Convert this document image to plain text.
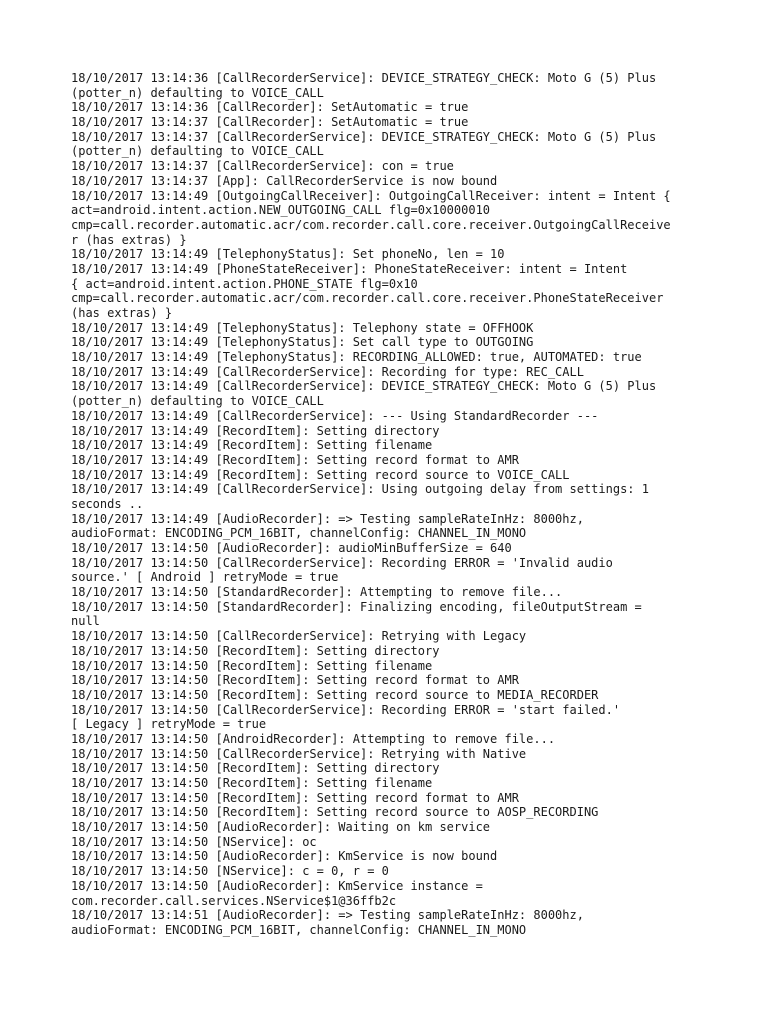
18/10/2017 13:14:36 [CallRecorderService]: DEVICE_STRATEGY_CHECK: Moto G (5) Plus
(potter_n) defaulting to VOICE_CALL
18/10/2017 13:14:36 [CallRecorder]: SetAutomatic = true
18/10/2017 13:14:37 [CallRecorder]: SetAutomatic = true
18/10/2017 13:14:37 [CallRecorderService]: DEVICE_STRATEGY_CHECK: Moto G (5) Plus
(potter_n) defaulting to VOICE_CALL
18/10/2017 13:14:37 [CallRecorderService]: con = true
18/10/2017 13:14:37 [App]: CallRecorderService is now bound
18/10/2017 13:14:49 [OutgoingCallReceiver]: OutgoingCallReceiver: intent = Intent {
act=android.intent.action.NEW_OUTGOING_CALL flg=0x10000010
cmp=call.recorder.automatic.acr/com.recorder.call.core.receiver.OutgoingCallReceive
r (has extras) }
18/10/2017 13:14:49 [TelephonyStatus]: Set phoneNo, len = 10
18/10/2017 13:14:49 [PhoneStateReceiver]: PhoneStateReceiver: intent = Intent
{ act=android.intent.action.PHONE_STATE flg=0x10
cmp=call.recorder.automatic.acr/com.recorder.call.core.receiver.PhoneStateReceiver
(has extras) }
18/10/2017 13:14:49 [TelephonyStatus]: Telephony state = OFFHOOK
18/10/2017 13:14:49 [TelephonyStatus]: Set call type to OUTGOING
18/10/2017 13:14:49 [TelephonyStatus]: RECORDING_ALLOWED: true, AUTOMATED: true
18/10/2017 13:14:49 [CallRecorderService]: Recording for type: REC_CALL
18/10/2017 13:14:49 [CallRecorderService]: DEVICE_STRATEGY_CHECK: Moto G (5) Plus
(potter_n) defaulting to VOICE_CALL
18/10/2017 13:14:49 [CallRecorderService]: --- Using StandardRecorder ---
18/10/2017 13:14:49 [RecordItem]: Setting directory
18/10/2017 13:14:49 [RecordItem]: Setting filename
18/10/2017 13:14:49 [RecordItem]: Setting record format to AMR
18/10/2017 13:14:49 [RecordItem]: Setting record source to VOICE_CALL
18/10/2017 13:14:49 [CallRecorderService]: Using outgoing delay from settings: 1
seconds ..
18/10/2017 13:14:49 [AudioRecorder]: => Testing sampleRateInHz: 8000hz,
audioFormat: ENCODING_PCM_16BIT, channelConfig: CHANNEL_IN_MONO
18/10/2017 13:14:50 [AudioRecorder]: audioMinBufferSize = 640
18/10/2017 13:14:50 [CallRecorderService]: Recording ERROR = 'Invalid audio
source.' [ Android ] retryMode = true
18/10/2017 13:14:50 [StandardRecorder]: Attempting to remove file...
18/10/2017 13:14:50 [StandardRecorder]: Finalizing encoding, fileOutputStream =
null
18/10/2017 13:14:50 [CallRecorderService]: Retrying with Legacy
18/10/2017 13:14:50 [RecordItem]: Setting directory
18/10/2017 13:14:50 [RecordItem]: Setting filename
18/10/2017 13:14:50 [RecordItem]: Setting record format to AMR
18/10/2017 13:14:50 [RecordItem]: Setting record source to MEDIA_RECORDER
18/10/2017 13:14:50 [CallRecorderService]: Recording ERROR = 'start failed.'
[ Legacy ] retryMode = true
18/10/2017 13:14:50 [AndroidRecorder]: Attempting to remove file...
18/10/2017 13:14:50 [CallRecorderService]: Retrying with Native
18/10/2017 13:14:50 [RecordItem]: Setting directory
18/10/2017 13:14:50 [RecordItem]: Setting filename
18/10/2017 13:14:50 [RecordItem]: Setting record format to AMR
18/10/2017 13:14:50 [RecordItem]: Setting record source to AOSP_RECORDING
18/10/2017 13:14:50 [AudioRecorder]: Waiting on km service
18/10/2017 13:14:50 [NService]: oc
18/10/2017 13:14:50 [AudioRecorder]: KmService is now bound
18/10/2017 13:14:50 [NService]: c = 0, r = 0
18/10/2017 13:14:50 [AudioRecorder]: KmService instance =
com.recorder.call.services.NService$1@36ffb2c
18/10/2017 13:14:51 [AudioRecorder]: => Testing sampleRateInHz: 8000hz,
audioFormat: ENCODING_PCM_16BIT, channelConfig: CHANNEL_IN_MONO
